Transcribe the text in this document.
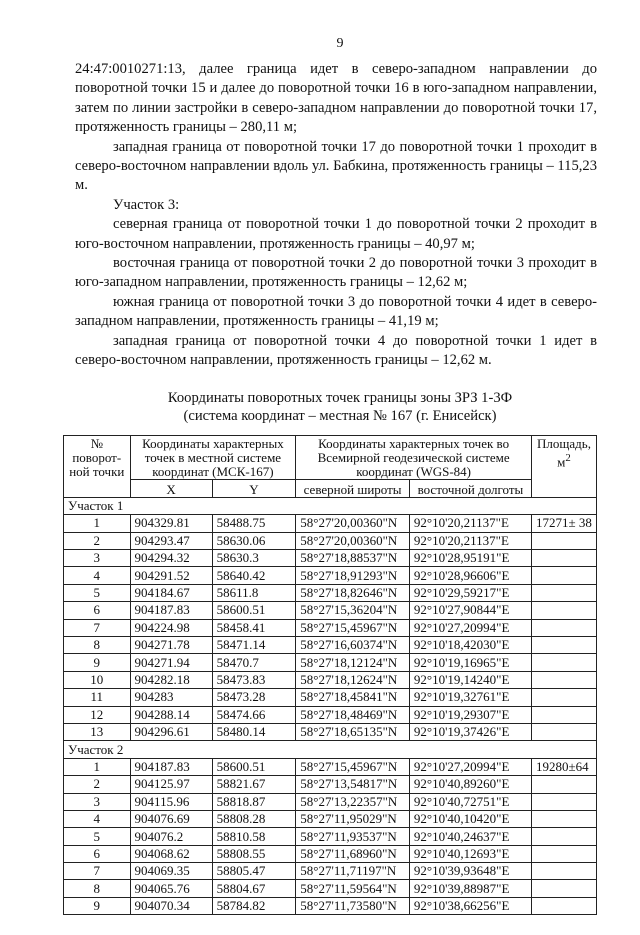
9

24:47:0010271:13, далее граница идет в северо-западном направлении до поворотной точки 15 и далее до поворотной точки 16 в юго-западном направлении, затем по линии застройки в северо-западном направлении до поворотной точки 17, протяженность границы – 280,11 м;

западная граница от поворотной точки 17 до поворотной точки 1 проходит в северо-восточном направлении вдоль ул. Бабкина, протяженность границы – 115,23 м.

Участок 3:

северная граница от поворотной точки 1 до поворотной точки 2 проходит в юго-восточном направлении, протяженность границы – 40,97 м;

восточная граница от поворотной точки 2 до поворотной точки 3 проходит в юго-западном направлении, протяженность границы – 12,62 м;

южная граница от поворотной точки 3 до поворотной точки 4 идет в северо-западном направлении, протяженность границы – 41,19 м;

западная граница от поворотной точки 4 до поворотной точки 1 идет в северо-восточном направлении, протяженность границы – 12,62 м.

Координаты поворотных точек границы зоны ЗРЗ 1-3Ф
(система координат – местная № 167 (г. Енисейск)
№ поворот-ной точки	Координаты характерных точек в местной системе координат (МСК-167)		Координаты характерных точек во Всемирной геодезической системе координат (WGS-84)		Площадь, $м^2$
	X	Y	северной широты	восточной долготы	
Участок 1					
1	904329.81	58488.75	58°27'20,00360"N	92°10'20,21137"E	17271± 38
2	904293.47	58630.06	58°27'20,00360"N	92°10'20,21137"E	
3	904294.32	58630.3	58°27'18,88537"N	92°10'28,95191"E	
4	904291.52	58640.42	58°27'18,91293"N	92°10'28,96606"E	
5	904184.67	58611.8	58°27'18,82646"N	92°10'29,59217"E	
6	904187.83	58600.51	58°27'15,36204"N	92°10'27,90844"E	
7	904224.98	58458.41	58°27'15,45967"N	92°10'27,20994"E	
8	904271.78	58471.14	58°27'16,60374"N	92°10'18,42030"E	
9	904271.94	58470.7	58°27'18,12124"N	92°10'19,16965"E	
10	904282.18	58473.83	58°27'18,12624"N	92°10'19,14240"E	
11	904283	58473.28	58°27'18,45841"N	92°10'19,32761"E	
12	904288.14	58474.66	58°27'18,48469"N	92°10'19,29307"E	
13	904296.61	58480.14	58°27'18,65135"N	92°10'19,37426"E	
Участок 2					
1	904187.83	58600.51	58°27'15,45967"N	92°10'27,20994"E	19280±64
2	904125.97	58821.67	58°27'13,54817"N	92°10'40,89260"E	
3	904115.96	58818.87	58°27'13,22357"N	92°10'40,72751"E	
4	904076.69	58808.28	58°27'11,95029"N	92°10'40,10420"E	
5	904076.2	58810.58	58°27'11,93537"N	92°10'40,24637"E	
6	904068.62	58808.55	58°27'11,68960"N	92°10'40,12693"E	
7	904069.35	58805.47	58°27'11,71197"N	92°10'39,93648"E	
8	904065.76	58804.67	58°27'11,59564"N	92°10'39,88987"E	
9	904070.34	58784.82	58°27'11,73580"N	92°10'38,66256"E	
